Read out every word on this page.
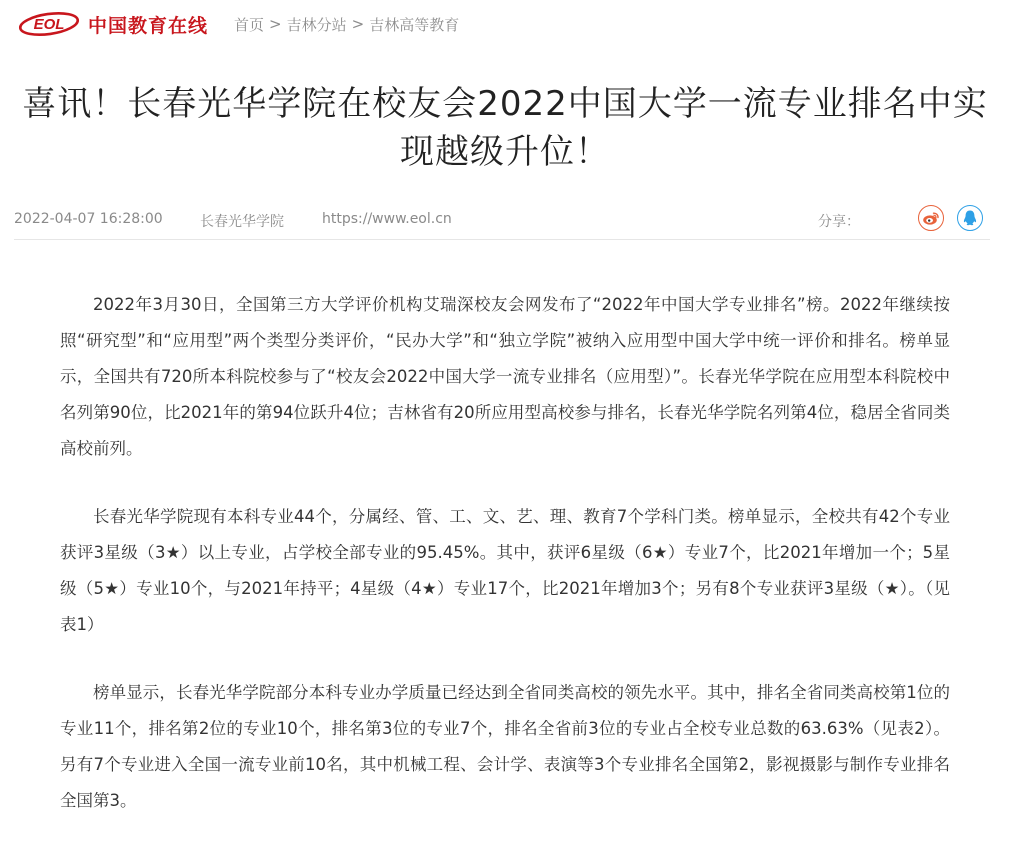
EOL 中国教育在线 首页 > 吉林分站 > 吉林高等教育
喜讯！长春光华学院在校友会2022中国大学一流专业排名中实现越级升位！
2022-04-07 16:28:00	长春光华学院	https://www.eol.cn	分享：

2022年3月30日，全国第三方大学评价机构艾瑞深校友会网发布了“2022年中国大学专业排名”榜。2022年继续按照“研究型”和“应用型”两个类型分类评价，“民办大学”和“独立学院”被纳入应用型中国大学中统一评价和排名。榜单显示，全国共有720所本科院校参与了“校友会2022中国大学一流专业排名（应用型）”。长春光华学院在应用型本科院校中名列第90位，比2021年的第94位跃升4位；吉林省有20所应用型高校参与排名，长春光华学院名列第4位，稳居全省同类高校前列。

长春光华学院现有本科专业44个，分属经、管、工、文、艺、理、教育7个学科门类。榜单显示，全校共有42个专业获评3星级（3★）以上专业，占学校全部专业的95.45%。其中，获评6星级（6★）专业7个，比2021年增加一个；5星级（5★）专业10个，与2021年持平；4星级（4★）专业17个，比2021年增加3个；另有8个专业获评3星级（★）。（见表1）

榜单显示，长春光华学院部分本科专业办学质量已经达到全省同类高校的领先水平。其中，排名全省同类高校第1位的专业11个，排名第2位的专业10个，排名第3位的专业7个，排名全省前3位的专业占全校专业总数的63.63%（见表2）。另有7个专业进入全国一流专业前10名，其中机械工程、会计学、表演等3个专业排名全国第2，影视摄影与制作专业排名全国第3。
